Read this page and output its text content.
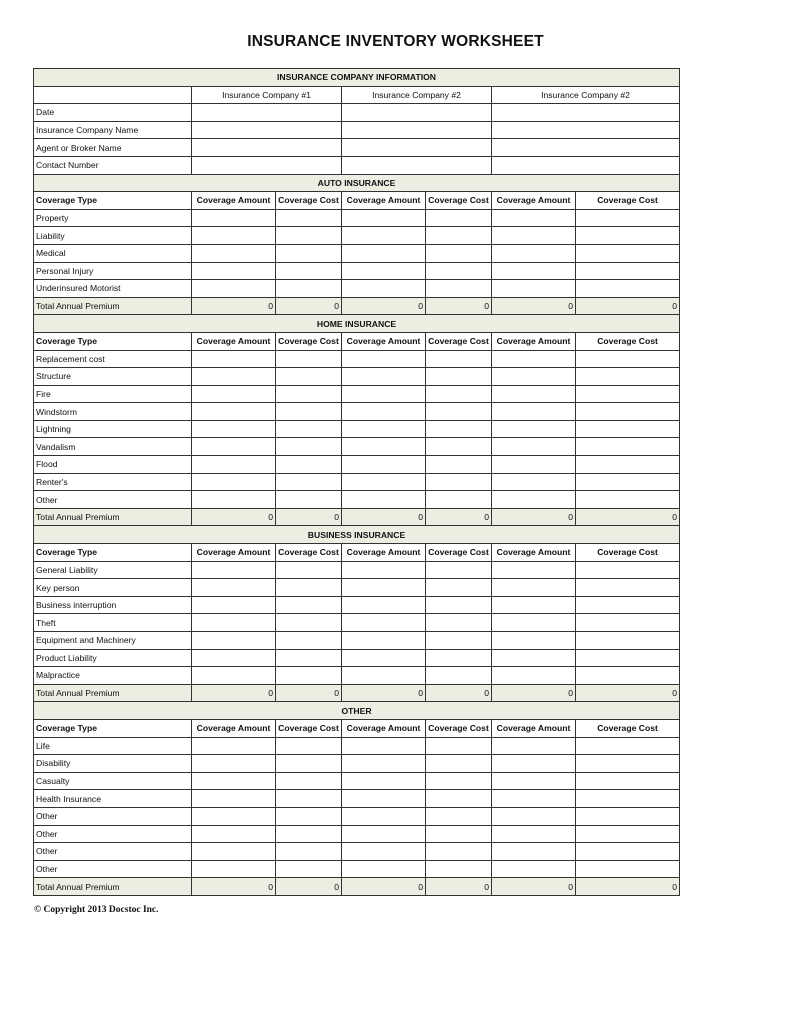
INSURANCE INVENTORY WORKSHEET
INSURANCE COMPANY INFORMATION						
	Insurance Company #1		Insurance Company #2		Insurance Company #2	
Date						
Insurance Company Name						
Agent or Broker Name						
Contact Number						
AUTO INSURANCE						
Coverage Type	Coverage Amount	Coverage Cost	Coverage Amount	Coverage Cost	Coverage Amount	Coverage Cost
Property						
Liability						
Medical						
Personal Injury						
Underinsured Motorist						
Total Annual Premium	0	0	0	0	0	0
HOME INSURANCE						
Coverage Type	Coverage Amount	Coverage Cost	Coverage Amount	Coverage Cost	Coverage Amount	Coverage Cost
Replacement cost						
Structure						
Fire						
Windstorm						
Lightning						
Vandalism						
Flood						
Renter's						
Other						
Total Annual Premium	0	0	0	0	0	0
BUSINESS INSURANCE						
Coverage Type	Coverage Amount	Coverage Cost	Coverage Amount	Coverage Cost	Coverage Amount	Coverage Cost
General Liability						
Key person						
Business interruption						
Theft						
Equipment and Machinery						
Product Liability						
Malpractice						
Total Annual Premium	0	0	0	0	0	0
OTHER						
Coverage Type	Coverage Amount	Coverage Cost	Coverage Amount	Coverage Cost	Coverage Amount	Coverage Cost
Life						
Disability						
Casualty						
Health Insurance						
Other						
Other						
Other						
Other						
Total Annual Premium	0	0	0	0	0	0
© Copyright 2013 Docstoc Inc.
